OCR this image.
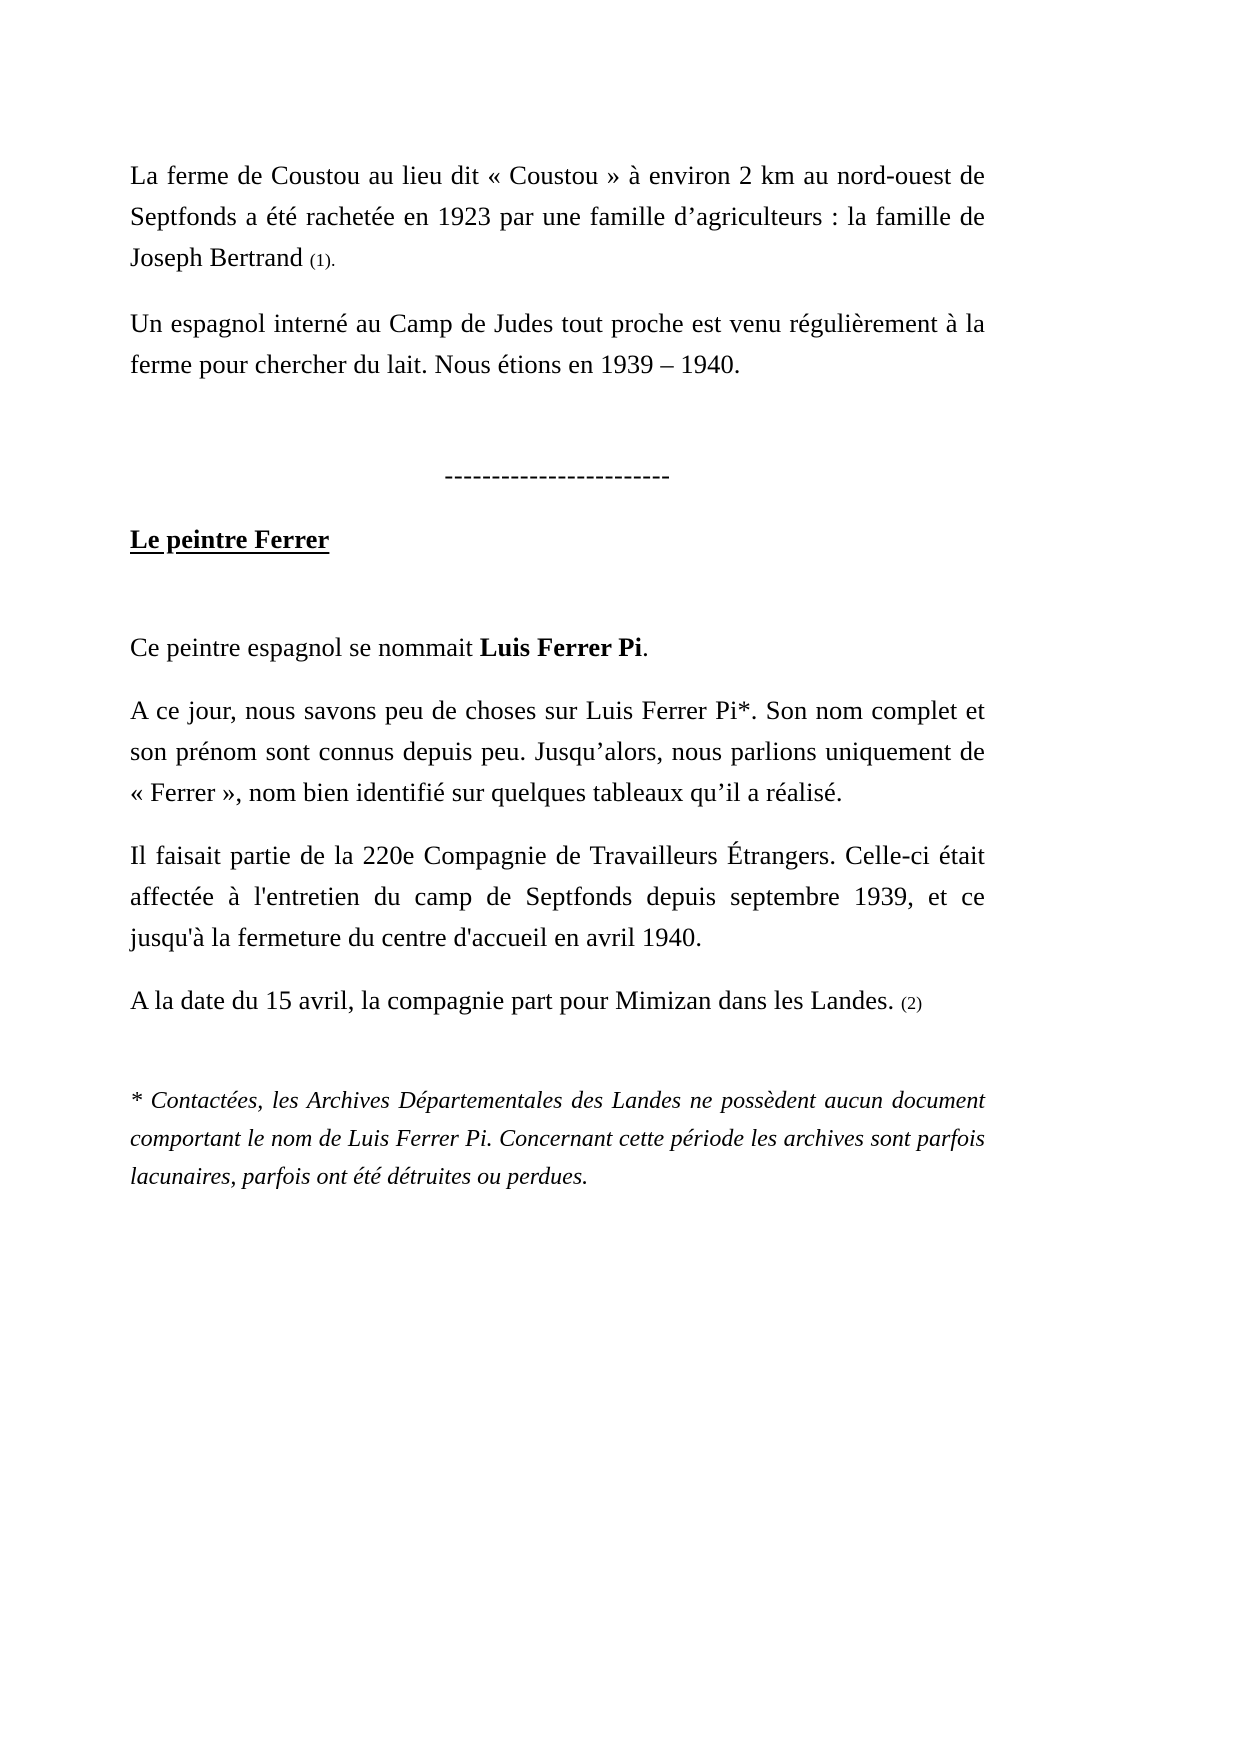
La ferme de Coustou au lieu dit « Coustou » à environ 2 km au nord-ouest de Septfonds a été rachetée en 1923 par une famille d’agriculteurs : la famille de Joseph Bertrand (1).

Un espagnol interné au Camp de Judes tout proche est venu régulièrement à la ferme pour chercher du lait. Nous étions en 1939 – 1940.

------------------------
Le peintre Ferrer

Ce peintre espagnol se nommait Luis Ferrer Pi.

A ce jour, nous savons peu de choses sur Luis Ferrer Pi*. Son nom complet et son prénom sont connus depuis peu. Jusqu’alors, nous parlions uniquement de « Ferrer », nom bien identifié sur quelques tableaux qu’il a réalisé.

Il faisait partie de la 220e Compagnie de Travailleurs Étrangers. Celle-ci était affectée à l'entretien du camp de Septfonds depuis septembre 1939, et ce jusqu'à la fermeture du centre d'accueil en avril 1940.

A la date du 15 avril, la compagnie part pour Mimizan dans les Landes. (2)

* Contactées, les Archives Départementales des Landes ne possèdent aucun document comportant le nom de Luis Ferrer Pi. Concernant cette période les archives sont parfois lacunaires, parfois ont été détruites ou perdues.
